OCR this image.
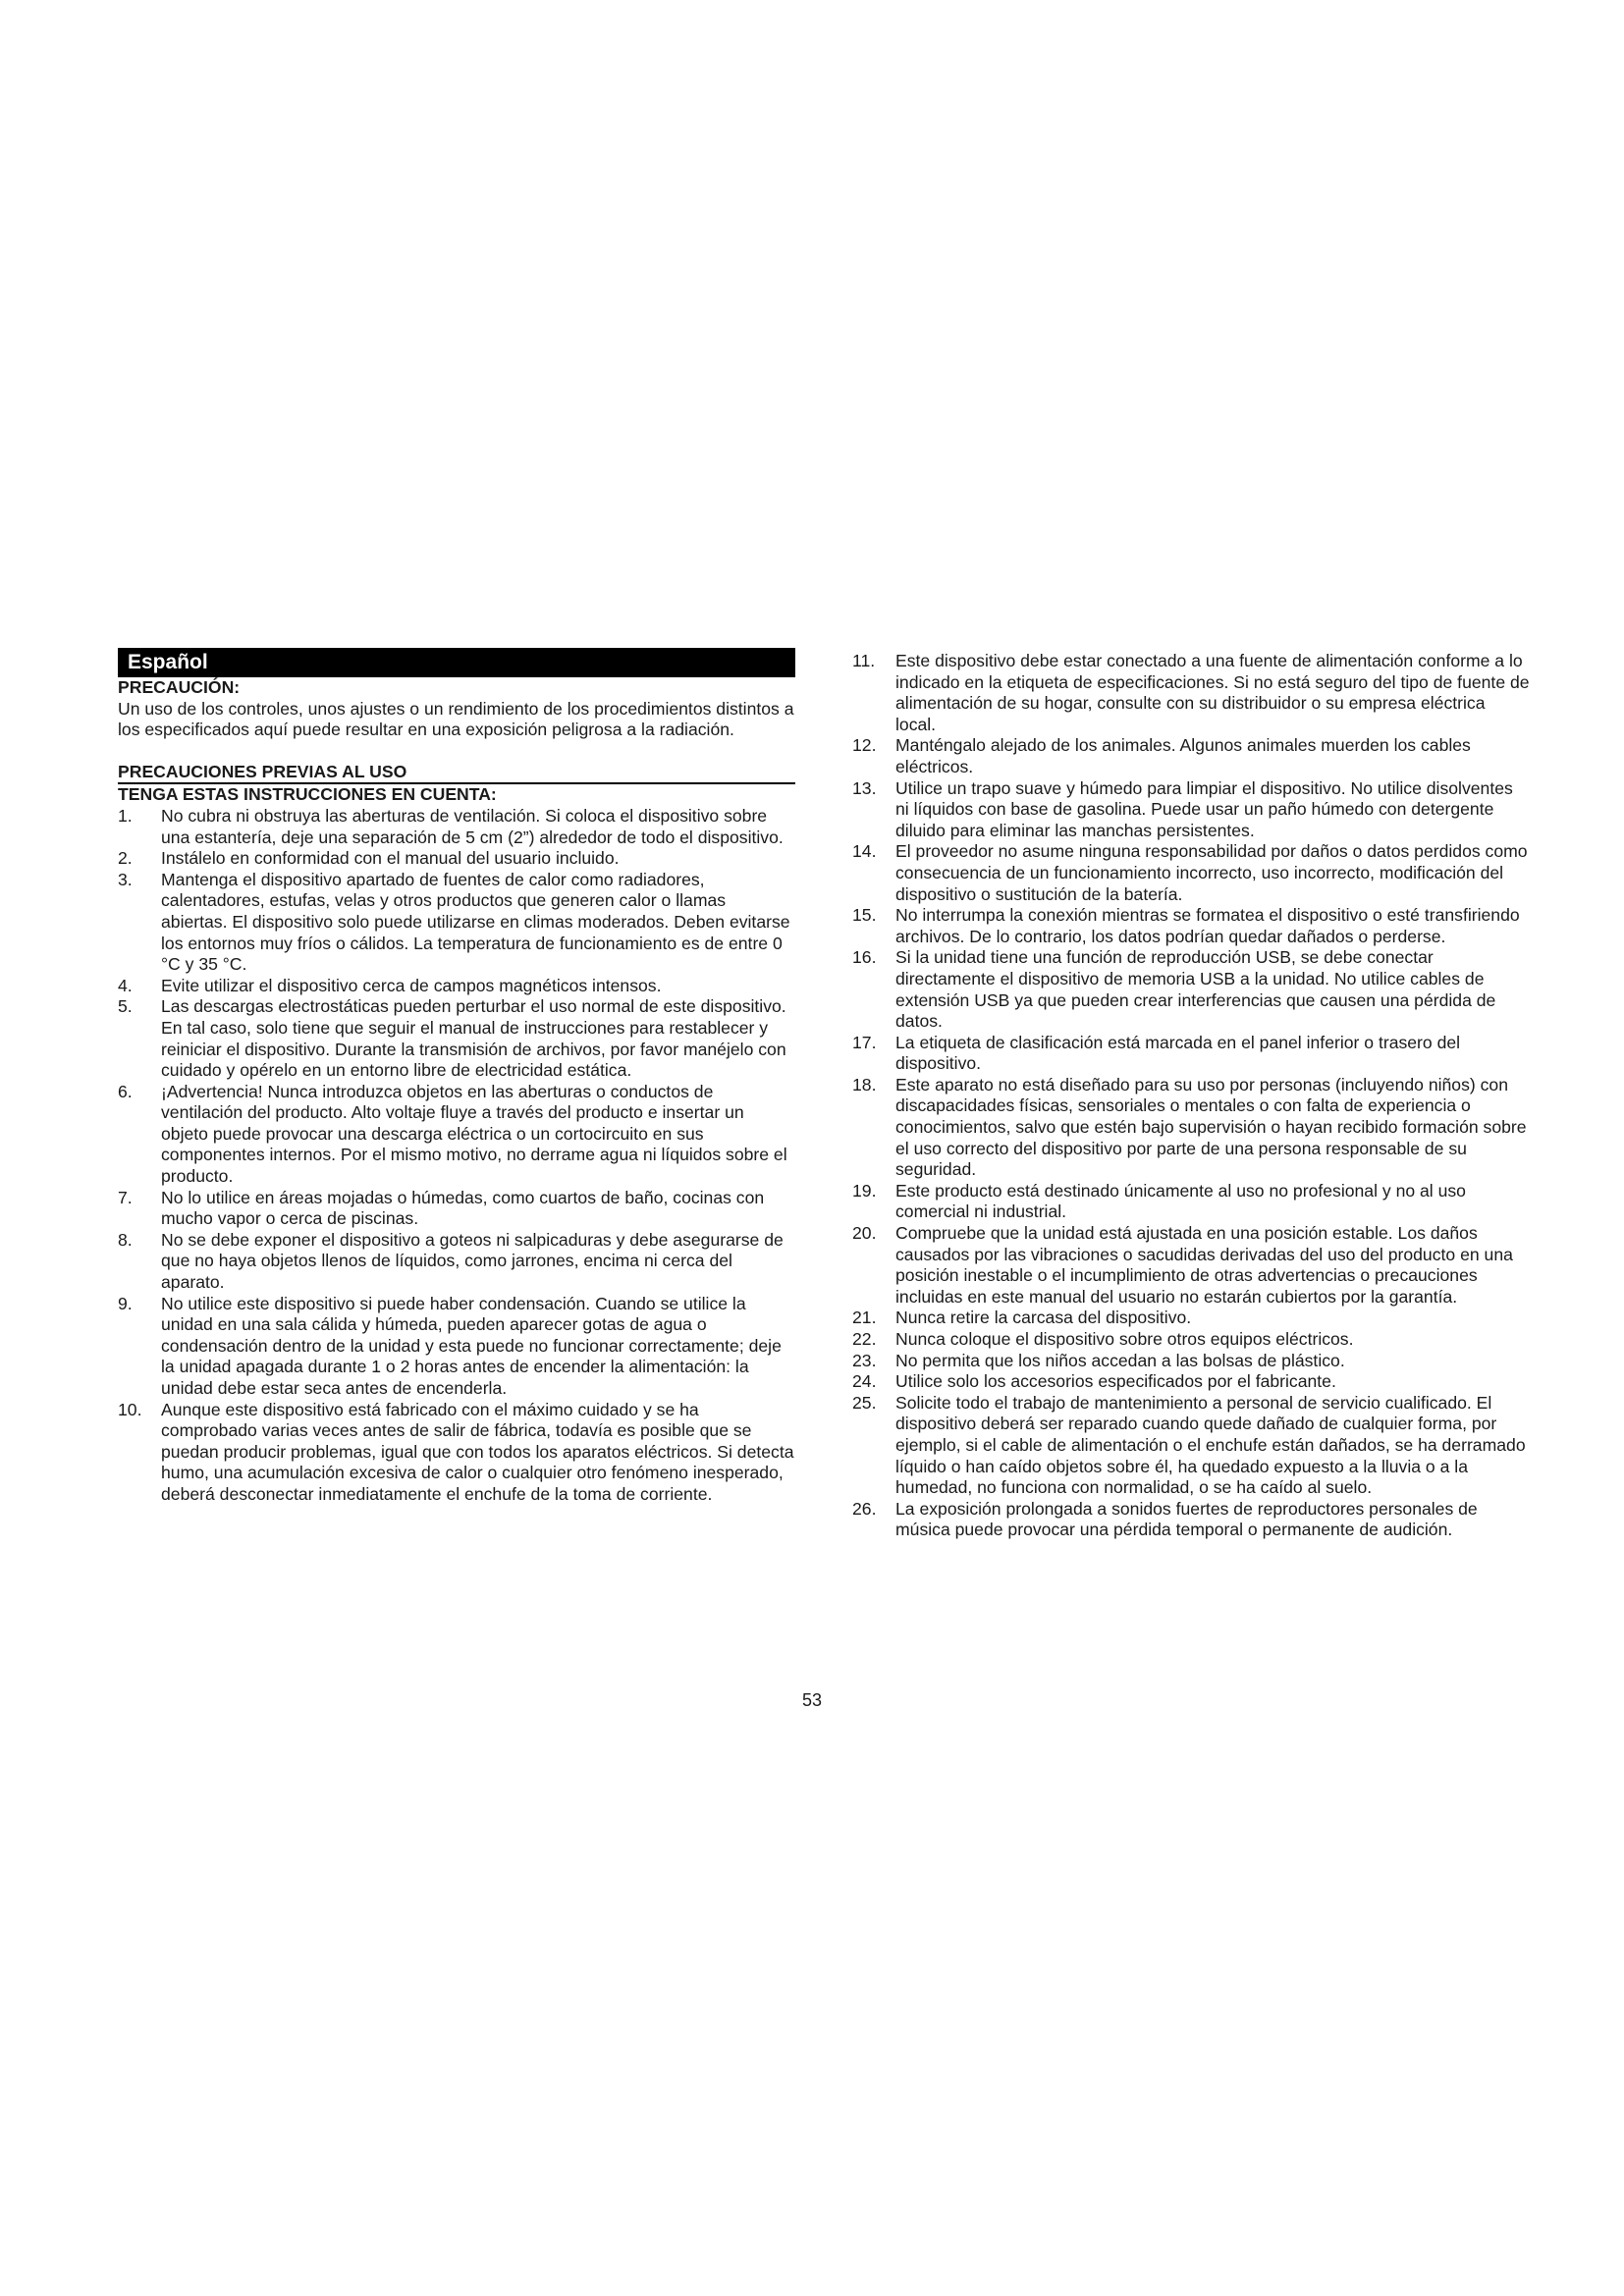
Español

PRECAUCIÓN:

Un uso de los controles, unos ajustes o un rendimiento de los procedimientos distintos a los especificados aquí puede resultar en una exposición peligrosa a la radiación.

PRECAUCIONES PREVIAS AL USO

TENGA ESTAS INSTRUCCIONES EN CUENTA:

1.	No cubra ni obstruya las aberturas de ventilación. Si coloca el dispositivo sobre una estantería, deje una separación de 5 cm (2”) alrededor de todo el dispositivo.
2.	Instálelo en conformidad con el manual del usuario incluido.
3.	Mantenga el dispositivo apartado de fuentes de calor como radiadores, calentadores, estufas, velas y otros productos que generen calor o llamas abiertas. El dispositivo solo puede utilizarse en climas moderados. Deben evitarse los entornos muy fríos o cálidos. La temperatura de funcionamiento es de entre 0 °C y 35 °C.
4.	Evite utilizar el dispositivo cerca de campos magnéticos intensos.
5.	Las descargas electrostáticas pueden perturbar el uso normal de este dispositivo. En tal caso, solo tiene que seguir el manual de instrucciones para restablecer y reiniciar el dispositivo. Durante la transmisión de archivos, por favor manéjelo con cuidado y opérelo en un entorno libre de electricidad estática.
6.	¡Advertencia! Nunca introduzca objetos en las aberturas o conductos de ventilación del producto. Alto voltaje fluye a través del producto e insertar un objeto puede provocar una descarga eléctrica o un cortocircuito en sus componentes internos. Por el mismo motivo, no derrame agua ni líquidos sobre el producto.
7.	No lo utilice en áreas mojadas o húmedas, como cuartos de baño, cocinas con mucho vapor o cerca de piscinas.
8.	No se debe exponer el dispositivo a goteos ni salpicaduras y debe asegurarse de que no haya objetos llenos de líquidos, como jarrones, encima ni cerca del aparato.
9.	No utilice este dispositivo si puede haber condensación. Cuando se utilice la unidad en una sala cálida y húmeda, pueden aparecer gotas de agua o condensación dentro de la unidad y esta puede no funcionar correctamente; deje la unidad apagada durante 1 o 2 horas antes de encender la alimentación: la unidad debe estar seca antes de encenderla.
10.	Aunque este dispositivo está fabricado con el máximo cuidado y se ha comprobado varias veces antes de salir de fábrica, todavía es posible que se puedan producir problemas, igual que con todos los aparatos eléctricos. Si detecta humo, una acumulación excesiva de calor o cualquier otro fenómeno inesperado, deberá desconectar inmediatamente el enchufe de la toma de corriente.
11.	Este dispositivo debe estar conectado a una fuente de alimentación conforme a lo indicado en la etiqueta de especificaciones. Si no está seguro del tipo de fuente de alimentación de su hogar, consulte con su distribuidor o su empresa eléctrica local.
12.	Manténgalo alejado de los animales. Algunos animales muerden los cables eléctricos.
13.	Utilice un trapo suave y húmedo para limpiar el dispositivo. No utilice disolventes ni líquidos con base de gasolina. Puede usar un paño húmedo con detergente diluido para eliminar las manchas persistentes.
14.	El proveedor no asume ninguna responsabilidad por daños o datos perdidos como consecuencia de un funcionamiento incorrecto, uso incorrecto, modificación del dispositivo o sustitución de la batería.
15.	No interrumpa la conexión mientras se formatea el dispositivo o esté transfiriendo archivos. De lo contrario, los datos podrían quedar dañados o perderse.
16.	Si la unidad tiene una función de reproducción USB, se debe conectar directamente el dispositivo de memoria USB a la unidad. No utilice cables de extensión USB ya que pueden crear interferencias que causen una pérdida de datos.
17.	La etiqueta de clasificación está marcada en el panel inferior o trasero del dispositivo.
18.	Este aparato no está diseñado para su uso por personas (incluyendo niños) con discapacidades físicas, sensoriales o mentales o con falta de experiencia o conocimientos, salvo que estén bajo supervisión o hayan recibido formación sobre el uso correcto del dispositivo por parte de una persona responsable de su seguridad.
19.	Este producto está destinado únicamente al uso no profesional y no al uso comercial ni industrial.
20.	Compruebe que la unidad está ajustada en una posición estable. Los daños causados por las vibraciones o sacudidas derivadas del uso del producto en una posición inestable o el incumplimiento de otras advertencias o precauciones incluidas en este manual del usuario no estarán cubiertos por la garantía.
21.	Nunca retire la carcasa del dispositivo.
22.	Nunca coloque el dispositivo sobre otros equipos eléctricos.
23.	No permita que los niños accedan a las bolsas de plástico.
24.	Utilice solo los accesorios especificados por el fabricante.
25.	Solicite todo el trabajo de mantenimiento a personal de servicio cualificado. El dispositivo deberá ser reparado cuando quede dañado de cualquier forma, por ejemplo, si el cable de alimentación o el enchufe están dañados, se ha derramado líquido o han caído objetos sobre él, ha quedado expuesto a la lluvia o a la humedad, no funciona con normalidad, o se ha caído al suelo.
26.	La exposición prolongada a sonidos fuertes de reproductores personales de música puede provocar una pérdida temporal o permanente de audición.
53
